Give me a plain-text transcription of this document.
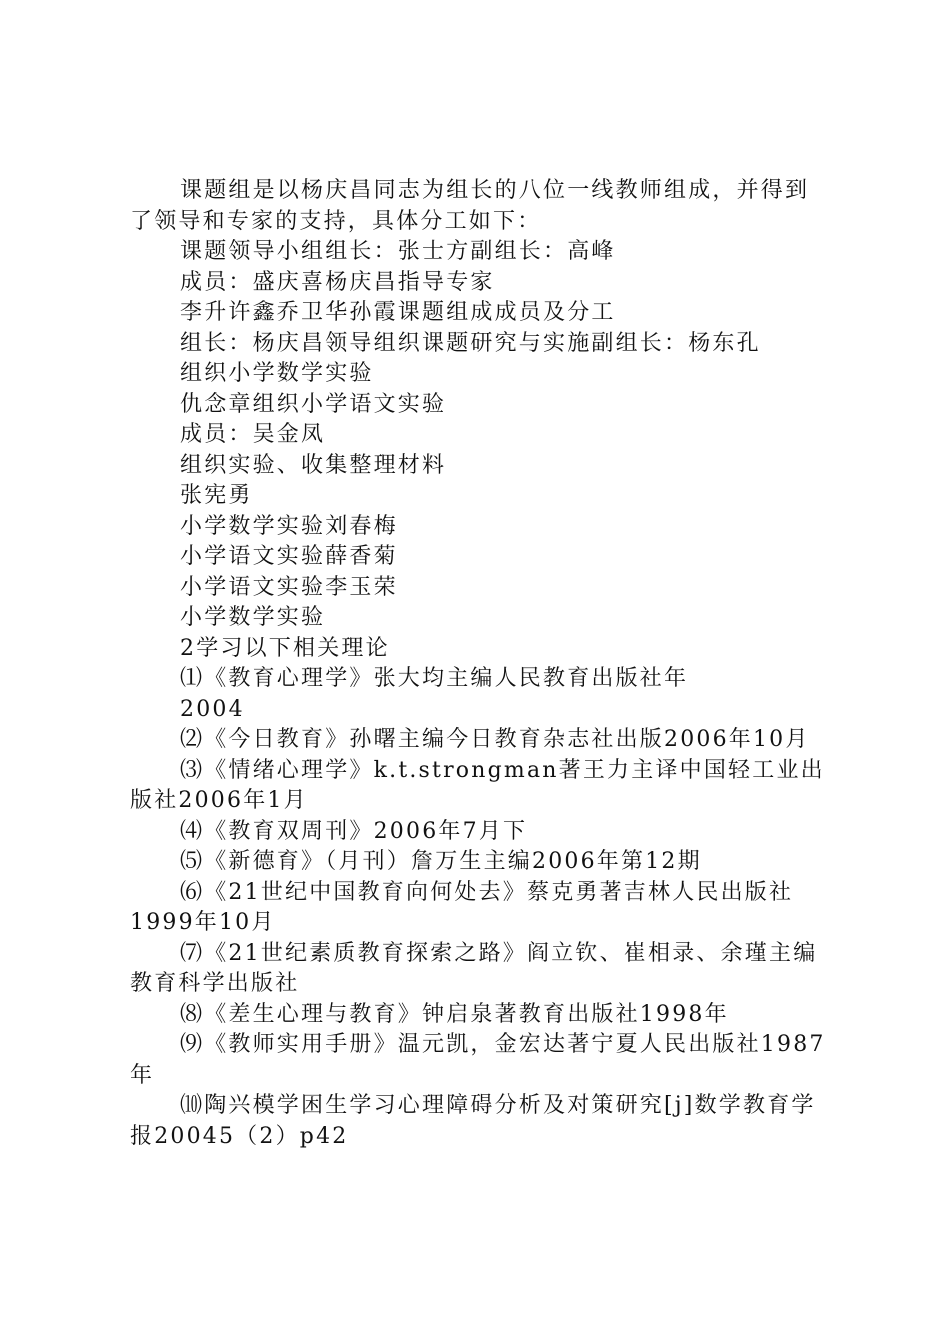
课题组是以杨庆昌同志为组长的八位一线教师组成，并得到了领导和专家的支持，具体分工如下：
课题领导小组组长：张士方副组长：高峰
成员：盛庆喜杨庆昌指导专家
李升许鑫乔卫华孙霞课题组成成员及分工
组长：杨庆昌领导组织课题研究与实施副组长：杨东孔
组织小学数学实验
仇念章组织小学语文实验
成员：吴金凤
组织实验、收集整理材料
张宪勇
小学数学实验刘春梅
小学语文实验薛香菊
小学语文实验李玉荣
小学数学实验
2学习以下相关理论
⑴《教育心理学》张大均主编人民教育出版社年
2004
⑵《今日教育》孙曙主编今日教育杂志社出版2006年10月
⑶《情绪心理学》k.t.strongman著王力主译中国轻工业出版社2006年1月
⑷《教育双周刊》2006年7月下
⑸《新德育》（月刊）詹万生主编2006年第12期
⑹《21世纪中国教育向何处去》蔡克勇著吉林人民出版社1999年10月
⑺《21世纪素质教育探索之路》阎立钦、崔相录、余瑾主编教育科学出版社
⑻《差生心理与教育》钟启泉著教育出版社1998年
⑼《教师实用手册》温元凯，金宏达著宁夏人民出版社1987年
⑽陶兴模学困生学习心理障碍分析及对策研究[j]数学教育学报20045（2）p42
